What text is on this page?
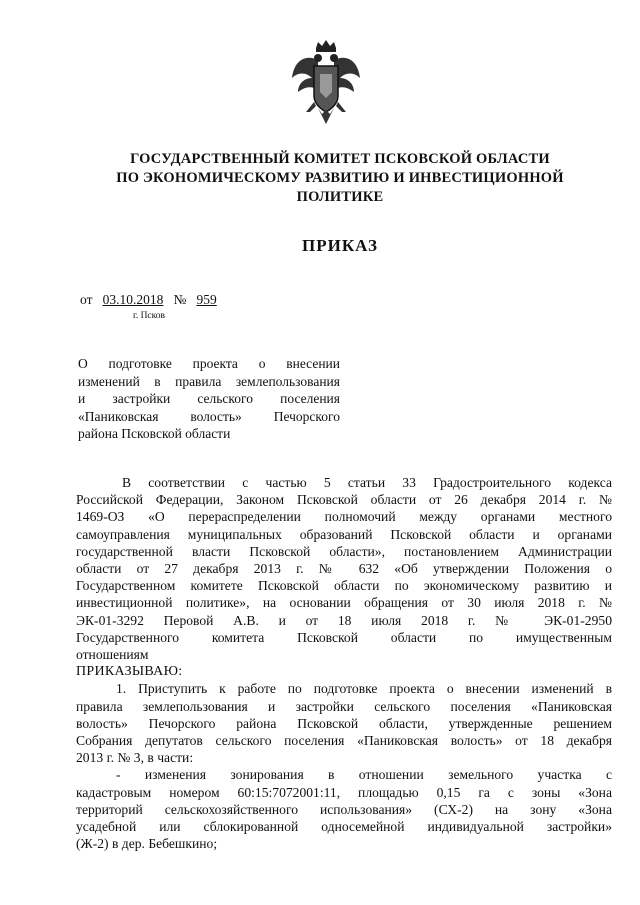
ГОСУДАРСТВЕННЫЙ КОМИТЕТ ПСКОВСКОЙ ОБЛАСТИ
ПО ЭКОНОМИЧЕСКОМУ РАЗВИТИЮ И ИНВЕСТИЦИОННОЙ
ПОЛИТИКЕ
ПРИКАЗ
от 03.10.2018 № 959
г. Псков
О подготовке проекта о внесении
изменений в правила землепользования
и застройки сельского поселения
«Паниковская волость» Печорского
района Псковской области
В соответствии с частью 5 статьи 33 Градостроительного кодекса
Российской Федерации, Законом Псковской области от 26 декабря 2014 г. №
1469-ОЗ «О перераспределении полномочий между органами местного
самоуправления муниципальных образований Псковской области и органами
государственной власти Псковской области», постановлением Администрации
области от 27 декабря 2013 г. № 632 «Об утверждении Положения о
Государственном комитете Псковской области по экономическому развитию и
инвестиционной политике», на основании обращения от 30 июля 2018 г. №
ЭК-01-3292 Перовой А.В. и от 18 июля 2018 г. № ЭК-01-2950
Государственного комитета Псковской области по имущественным
отношениям
ПРИКАЗЫВАЮ:
1. Приступить к работе по подготовке проекта о внесении изменений в
правила землепользования и застройки сельского поселения «Паниковская
волость» Печорского района Псковской области, утвержденные решением
Собрания депутатов сельского поселения «Паниковская волость» от 18 декабря
2013 г. № 3, в части:
- изменения зонирования в отношении земельного участка с
кадастровым номером 60:15:7072001:11, площадью 0,15 га с зоны «Зона
территорий сельскохозяйственного использования» (СХ-2) на зону «Зона
усадебной или сблокированной односемейной индивидуальной застройки»
(Ж-2) в дер. Бебешкино;
